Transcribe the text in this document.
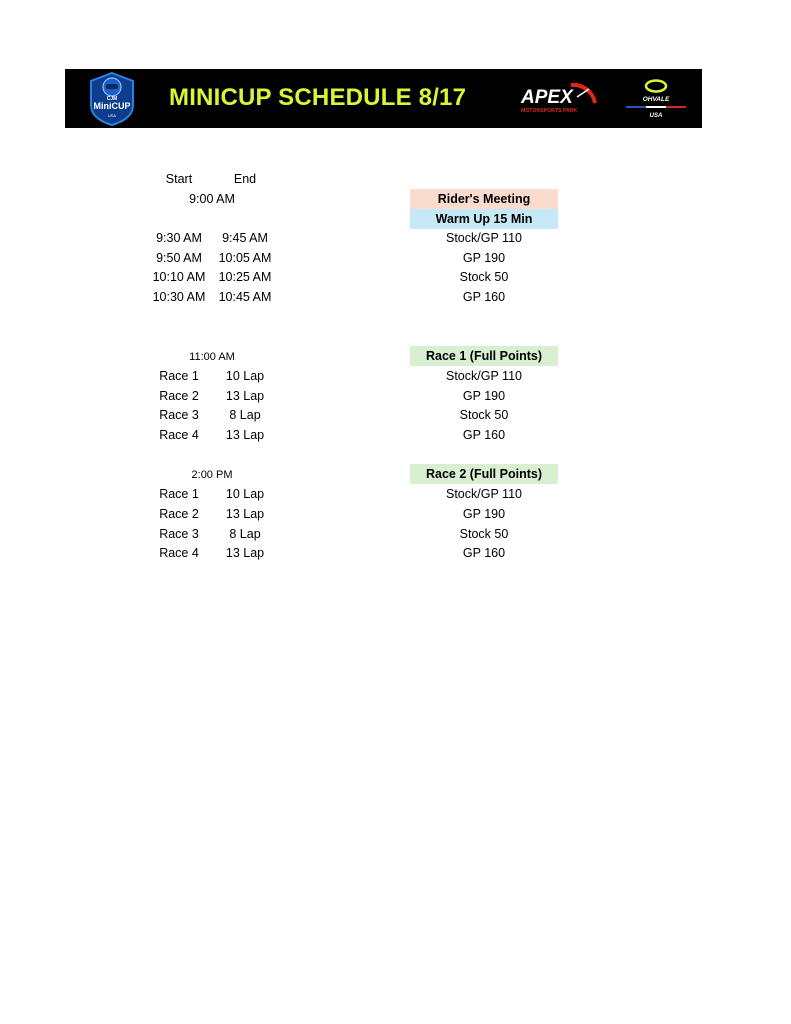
CJM
MiniCUP
USA
MINICUP SCHEDULE 8/17	APEX
MOTORSPORTS PARK
OHVALE
USA
Start	End
9:00 AM	Rider's Meeting
Warm Up 15 Min
9:30 AM	9:45 AM	Stock/GP 110
9:50 AM	10:05 AM	GP 190
10:10 AM	10:25 AM	Stock 50
10:30 AM	10:45 AM	GP 160
11:00 AM	Race 1 (Full Points)
Race 1	10 Lap	Stock/GP 110
Race 2	13 Lap	GP 190
Race 3	8 Lap	Stock 50
Race 4	13 Lap	GP 160
2:00 PM	Race 2 (Full Points)
Race 1	10 Lap	Stock/GP 110
Race 2	13 Lap	GP 190
Race 3	8 Lap	Stock 50
Race 4	13 Lap	GP 160
